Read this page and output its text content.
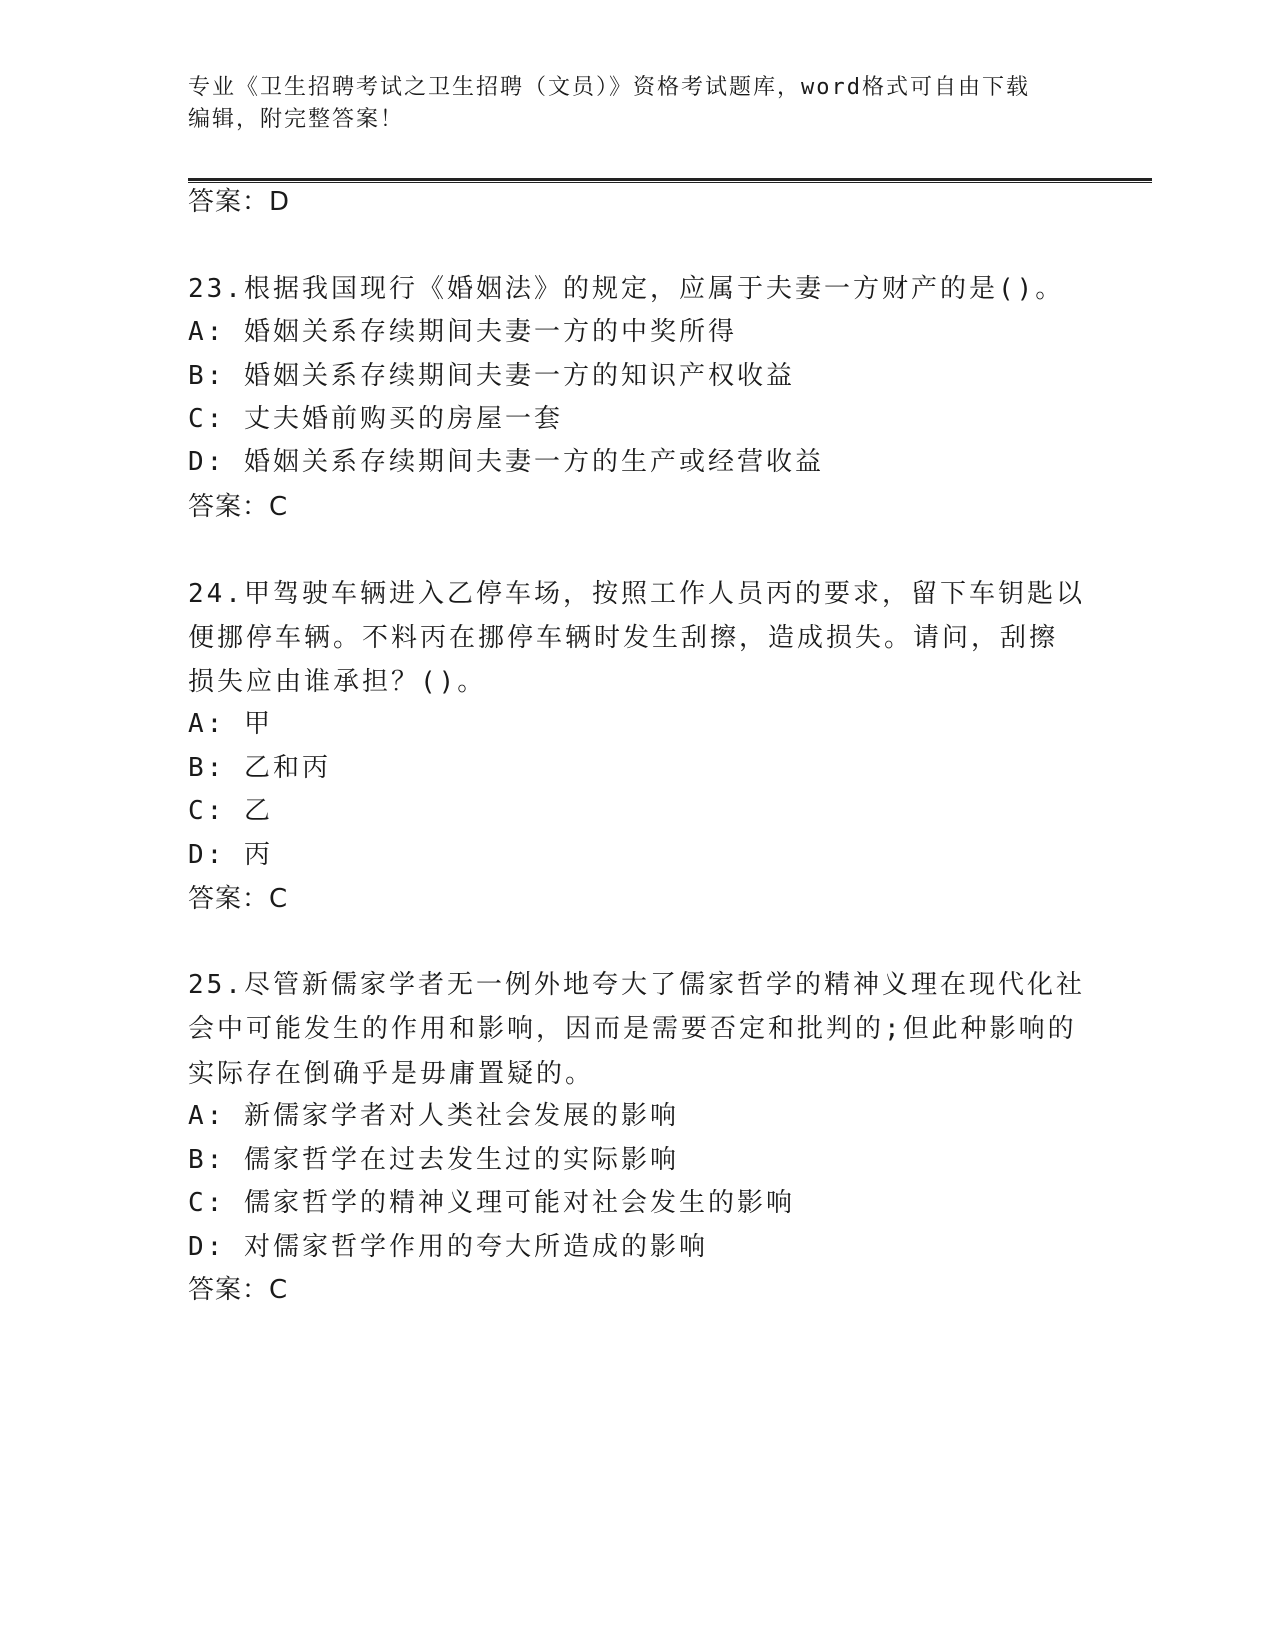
专业《卫生招聘考试之卫生招聘（文员）》资格考试题库，word格式可自由下载
编辑，附完整答案！
答案：D
23.根据我国现行《婚姻法》的规定，应属于夫妻一方财产的是()。
A: 婚姻关系存续期间夫妻一方的中奖所得
B: 婚姻关系存续期间夫妻一方的知识产权收益
C: 丈夫婚前购买的房屋一套
D: 婚姻关系存续期间夫妻一方的生产或经营收益
答案：C
24.甲驾驶车辆进入乙停车场，按照工作人员丙的要求，留下车钥匙以
便挪停车辆。不料丙在挪停车辆时发生刮擦，造成损失。请问，刮擦
损失应由谁承担？()。
A: 甲
B: 乙和丙
C: 乙
D: 丙
答案：C
25.尽管新儒家学者无一例外地夸大了儒家哲学的精神义理在现代化社
会中可能发生的作用和影响，因而是需要否定和批判的;但此种影响的
实际存在倒确乎是毋庸置疑的。
A: 新儒家学者对人类社会发展的影响
B: 儒家哲学在过去发生过的实际影响
C: 儒家哲学的精神义理可能对社会发生的影响
D: 对儒家哲学作用的夸大所造成的影响
答案：C
